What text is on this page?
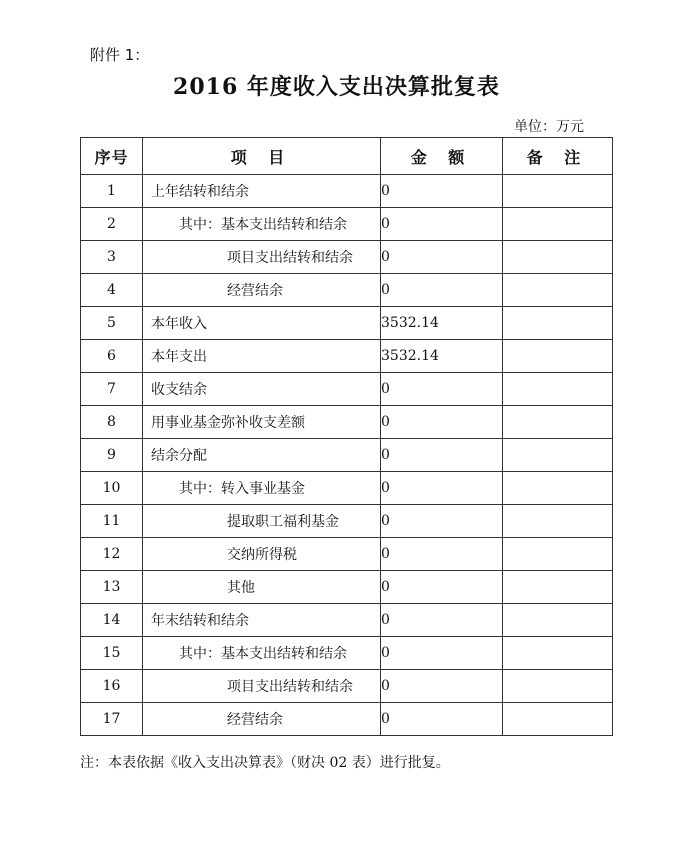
附件 1：
2016 年度收入支出决算批复表
单位：万元
序号	项 目	金 额	备 注
1	上年结转和结余	0	
2	其中：基本支出结转和结余	0	
3	项目支出结转和结余	0	
4	经营结余	0	
5	本年收入	3532.14	
6	本年支出	3532.14	
7	收支结余	0	
8	用事业基金弥补收支差额	0	
9	结余分配	0	
10	其中：转入事业基金	0	
11	提取职工福利基金	0	
12	交纳所得税	0	
13	其他	0	
14	年末结转和结余	0	
15	其中：基本支出结转和结余	0	
16	项目支出结转和结余	0	
17	经营结余	0	
注：本表依据《收入支出决算表》（财决 02 表）进行批复。
